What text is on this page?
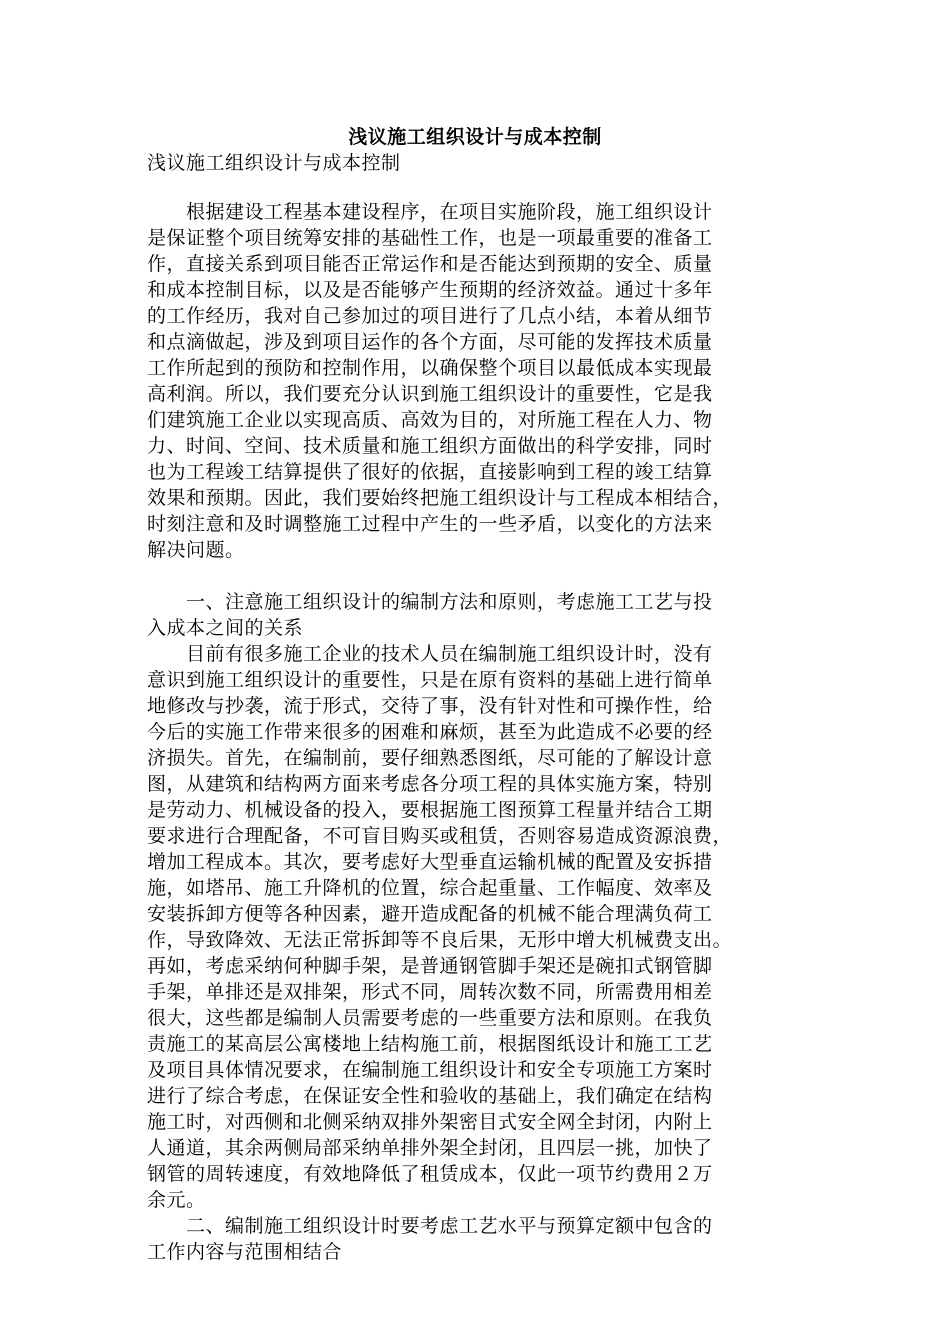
浅议施工组织设计与成本控制
浅议施工组织设计与成本控制
　　根据建设工程基本建设程序，在项目实施阶段，施工组织设计
是保证整个项目统筹安排的基础性工作，也是一项最重要的准备工
作，直接关系到项目能否正常运作和是否能达到预期的安全、质量
和成本控制目标，以及是否能够产生预期的经济效益。通过十多年
的工作经历，我对自己参加过的项目进行了几点小结，本着从细节
和点滴做起，涉及到项目运作的各个方面，尽可能的发挥技术质量
工作所起到的预防和控制作用，以确保整个项目以最低成本实现最
高利润。所以，我们要充分认识到施工组织设计的重要性，它是我
们建筑施工企业以实现高质、高效为目的，对所施工程在人力、物
力、时间、空间、技术质量和施工组织方面做出的科学安排，同时
也为工程竣工结算提供了很好的依据，直接影响到工程的竣工结算
效果和预期。因此，我们要始终把施工组织设计与工程成本相结合，
时刻注意和及时调整施工过程中产生的一些矛盾，以变化的方法来
解决问题。
　　一、注意施工组织设计的编制方法和原则，考虑施工工艺与投
入成本之间的关系
　　目前有很多施工企业的技术人员在编制施工组织设计时，没有
意识到施工组织设计的重要性，只是在原有资料的基础上进行简单
地修改与抄袭，流于形式，交待了事，没有针对性和可操作性，给
今后的实施工作带来很多的困难和麻烦，甚至为此造成不必要的经
济损失。首先，在编制前，要仔细熟悉图纸，尽可能的了解设计意
图，从建筑和结构两方面来考虑各分项工程的具体实施方案，特别
是劳动力、机械设备的投入，要根据施工图预算工程量并结合工期
要求进行合理配备，不可盲目购买或租赁，否则容易造成资源浪费，
增加工程成本。其次，要考虑好大型垂直运输机械的配置及安拆措
施，如塔吊、施工升降机的位置，综合起重量、工作幅度、效率及
安装拆卸方便等各种因素，避开造成配备的机械不能合理满负荷工
作，导致降效、无法正常拆卸等不良后果，无形中增大机械费支出。
再如，考虑采纳何种脚手架，是普通钢管脚手架还是碗扣式钢管脚
手架，单排还是双排架，形式不同，周转次数不同，所需费用相差
很大，这些都是编制人员需要考虑的一些重要方法和原则。在我负
责施工的某高层公寓楼地上结构施工前，根据图纸设计和施工工艺
及项目具体情况要求，在编制施工组织设计和安全专项施工方案时
进行了综合考虑，在保证安全性和验收的基础上，我们确定在结构
施工时，对西侧和北侧采纳双排外架密目式安全网全封闭，内附上
人通道，其余两侧局部采纳单排外架全封闭，且四层一挑，加快了
钢管的周转速度，有效地降低了租赁成本，仅此一项节约费用２万
余元。
　　二、编制施工组织设计时要考虑工艺水平与预算定额中包含的
工作内容与范围相结合
